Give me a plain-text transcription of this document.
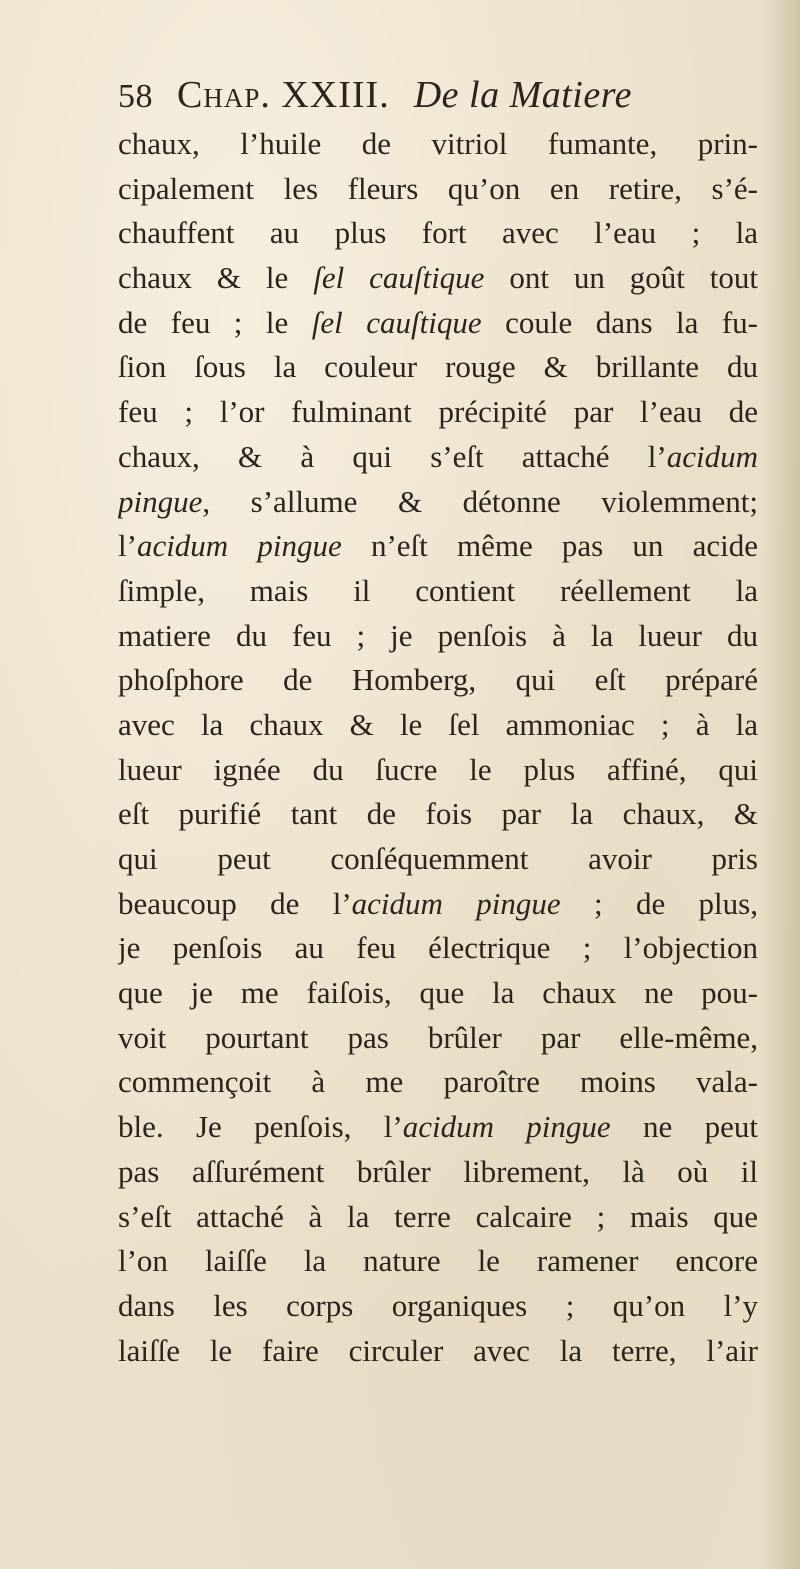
58 Chap. XXIII. De la Matiere
chaux, l’huile de vitriol fumante, prin-
cipalement les fleurs qu’on en retire, s’é-
chauffent au plus fort avec l’eau ; la
chaux & le ſel cauſtique ont un goût tout
de feu ; le ſel cauſtique coule dans la fu-
ſion ſous la couleur rouge & brillante du
feu ; l’or fulminant précipité par l’eau de
chaux, & à qui s’eſt attaché l’acidum
pingue, s’allume & détonne violemment;
l’acidum pingue n’eſt même pas un acide
ſimple, mais il contient réellement la
matiere du feu ; je penſois à la lueur du
phoſphore de Homberg, qui eſt préparé
avec la chaux & le ſel ammoniac ; à la
lueur ignée du ſucre le plus affiné, qui
eſt purifié tant de fois par la chaux, &
qui peut conſéquemment avoir pris
beaucoup de l’acidum pingue ; de plus,
je penſois au feu électrique ; l’objection
que je me faiſois, que la chaux ne pou-
voit pourtant pas brûler par elle-même,
commençoit à me paroître moins vala-
ble. Je penſois, l’acidum pingue ne peut
pas aſſurément brûler librement, là où il
s’eſt attaché à la terre calcaire ; mais que
l’on laiſſe la nature le ramener encore
dans les corps organiques ; qu’on l’y
laiſſe le faire circuler avec la terre, l’air
